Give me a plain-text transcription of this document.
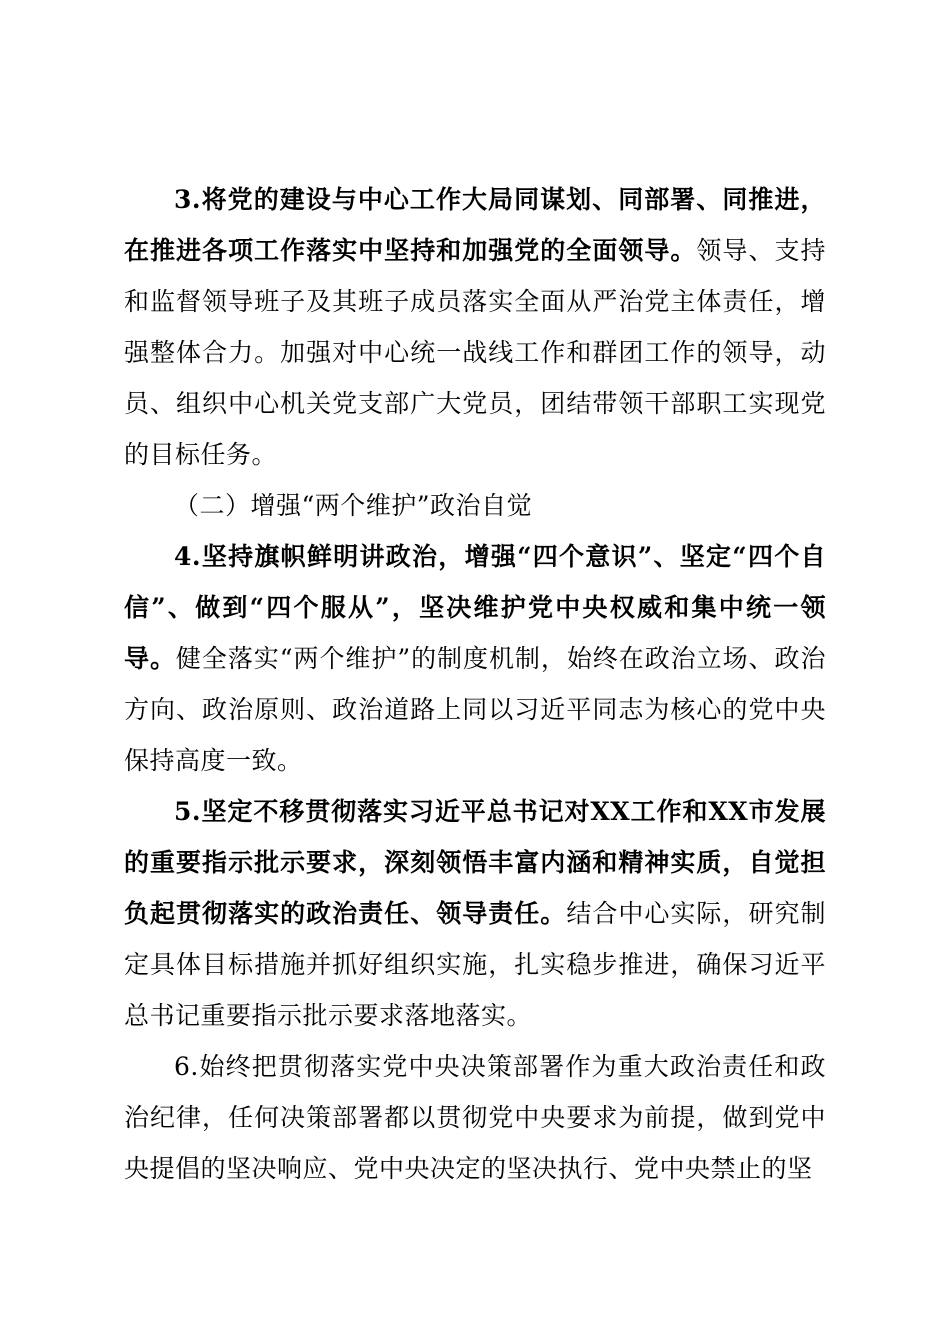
3.将党的建设与中心工作大局同谋划、同部署、同推进，在推进各项工作落实中坚持和加强党的全面领导。领导、支持和监督领导班子及其班子成员落实全面从严治党主体责任，增强整体合力。加强对中心统一战线工作和群团工作的领导，动员、组织中心机关党支部广大党员，团结带领干部职工实现党的目标任务。

（二）增强“两个维护”政治自觉

4.坚持旗帜鲜明讲政治，增强“四个意识”、坚定“四个自信”、做到“四个服从”，坚决维护党中央权威和集中统一领导。健全落实“两个维护”的制度机制，始终在政治立场、政治方向、政治原则、政治道路上同以习近平同志为核心的党中央保持高度一致。

5.坚定不移贯彻落实习近平总书记对XX工作和XX市发展的重要指示批示要求，深刻领悟丰富内涵和精神实质，自觉担负起贯彻落实的政治责任、领导责任。结合中心实际，研究制定具体目标措施并抓好组织实施，扎实稳步推进，确保习近平总书记重要指示批示要求落地落实。

6.始终把贯彻落实党中央决策部署作为重大政治责任和政治纪律，任何决策部署都以贯彻党中央要求为前提，做到党中央提倡的坚决响应、党中央决定的坚决执行、党中央禁止的坚
